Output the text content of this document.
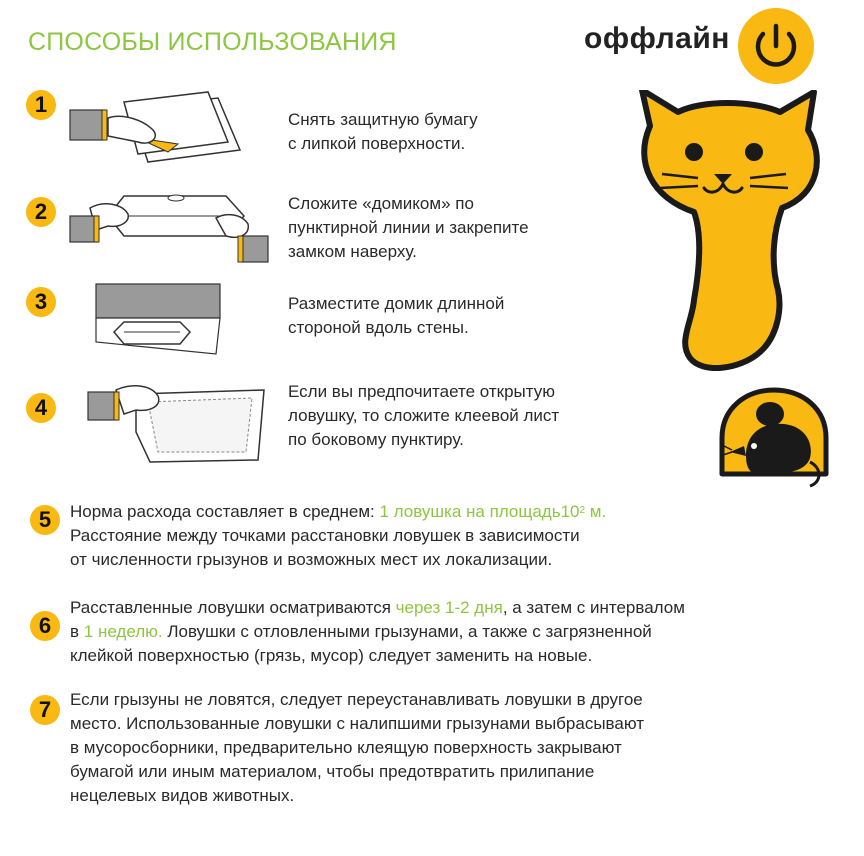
СПОСОБЫ ИСПОЛЬЗОВАНИЯ	оффлайн
1
Снять защитную бумагу
с липкой поверхности.
2	Сложите «домиком» по
пунктирной линии и закрепите
замком наверху.
3	Разместите домик длинной
стороной вдоль стены.
4
Если вы предпочитаете открытую
ловушку, то сложите клеевой лист
по боковому пунктиру.
5 Норма расхода составляет в среднем: 1 ловушка на $площадь10^2$ м.
Расстояние между точками расстановки ловушек в зависимости
от численности грызунов и возможных мест их локализации.
6
Расставленные ловушки осматриваются через 1-2 дня, а затем с интервалом
в 1 неделю. Ловушки с отловленными грызунами, а также с загрязненной
клейкой поверхностью (грязь, мусор) следует заменить на новые.
7 Если грызуны не ловятся, следует переустанавливать ловушки в другое
место. Использованные ловушки с налипшими грызунами выбрасывают
в мусоросборники, предварительно клеящую поверхность закрывают
бумагой или иным материалом, чтобы предотвратить прилипание
нецелевых видов животных.
